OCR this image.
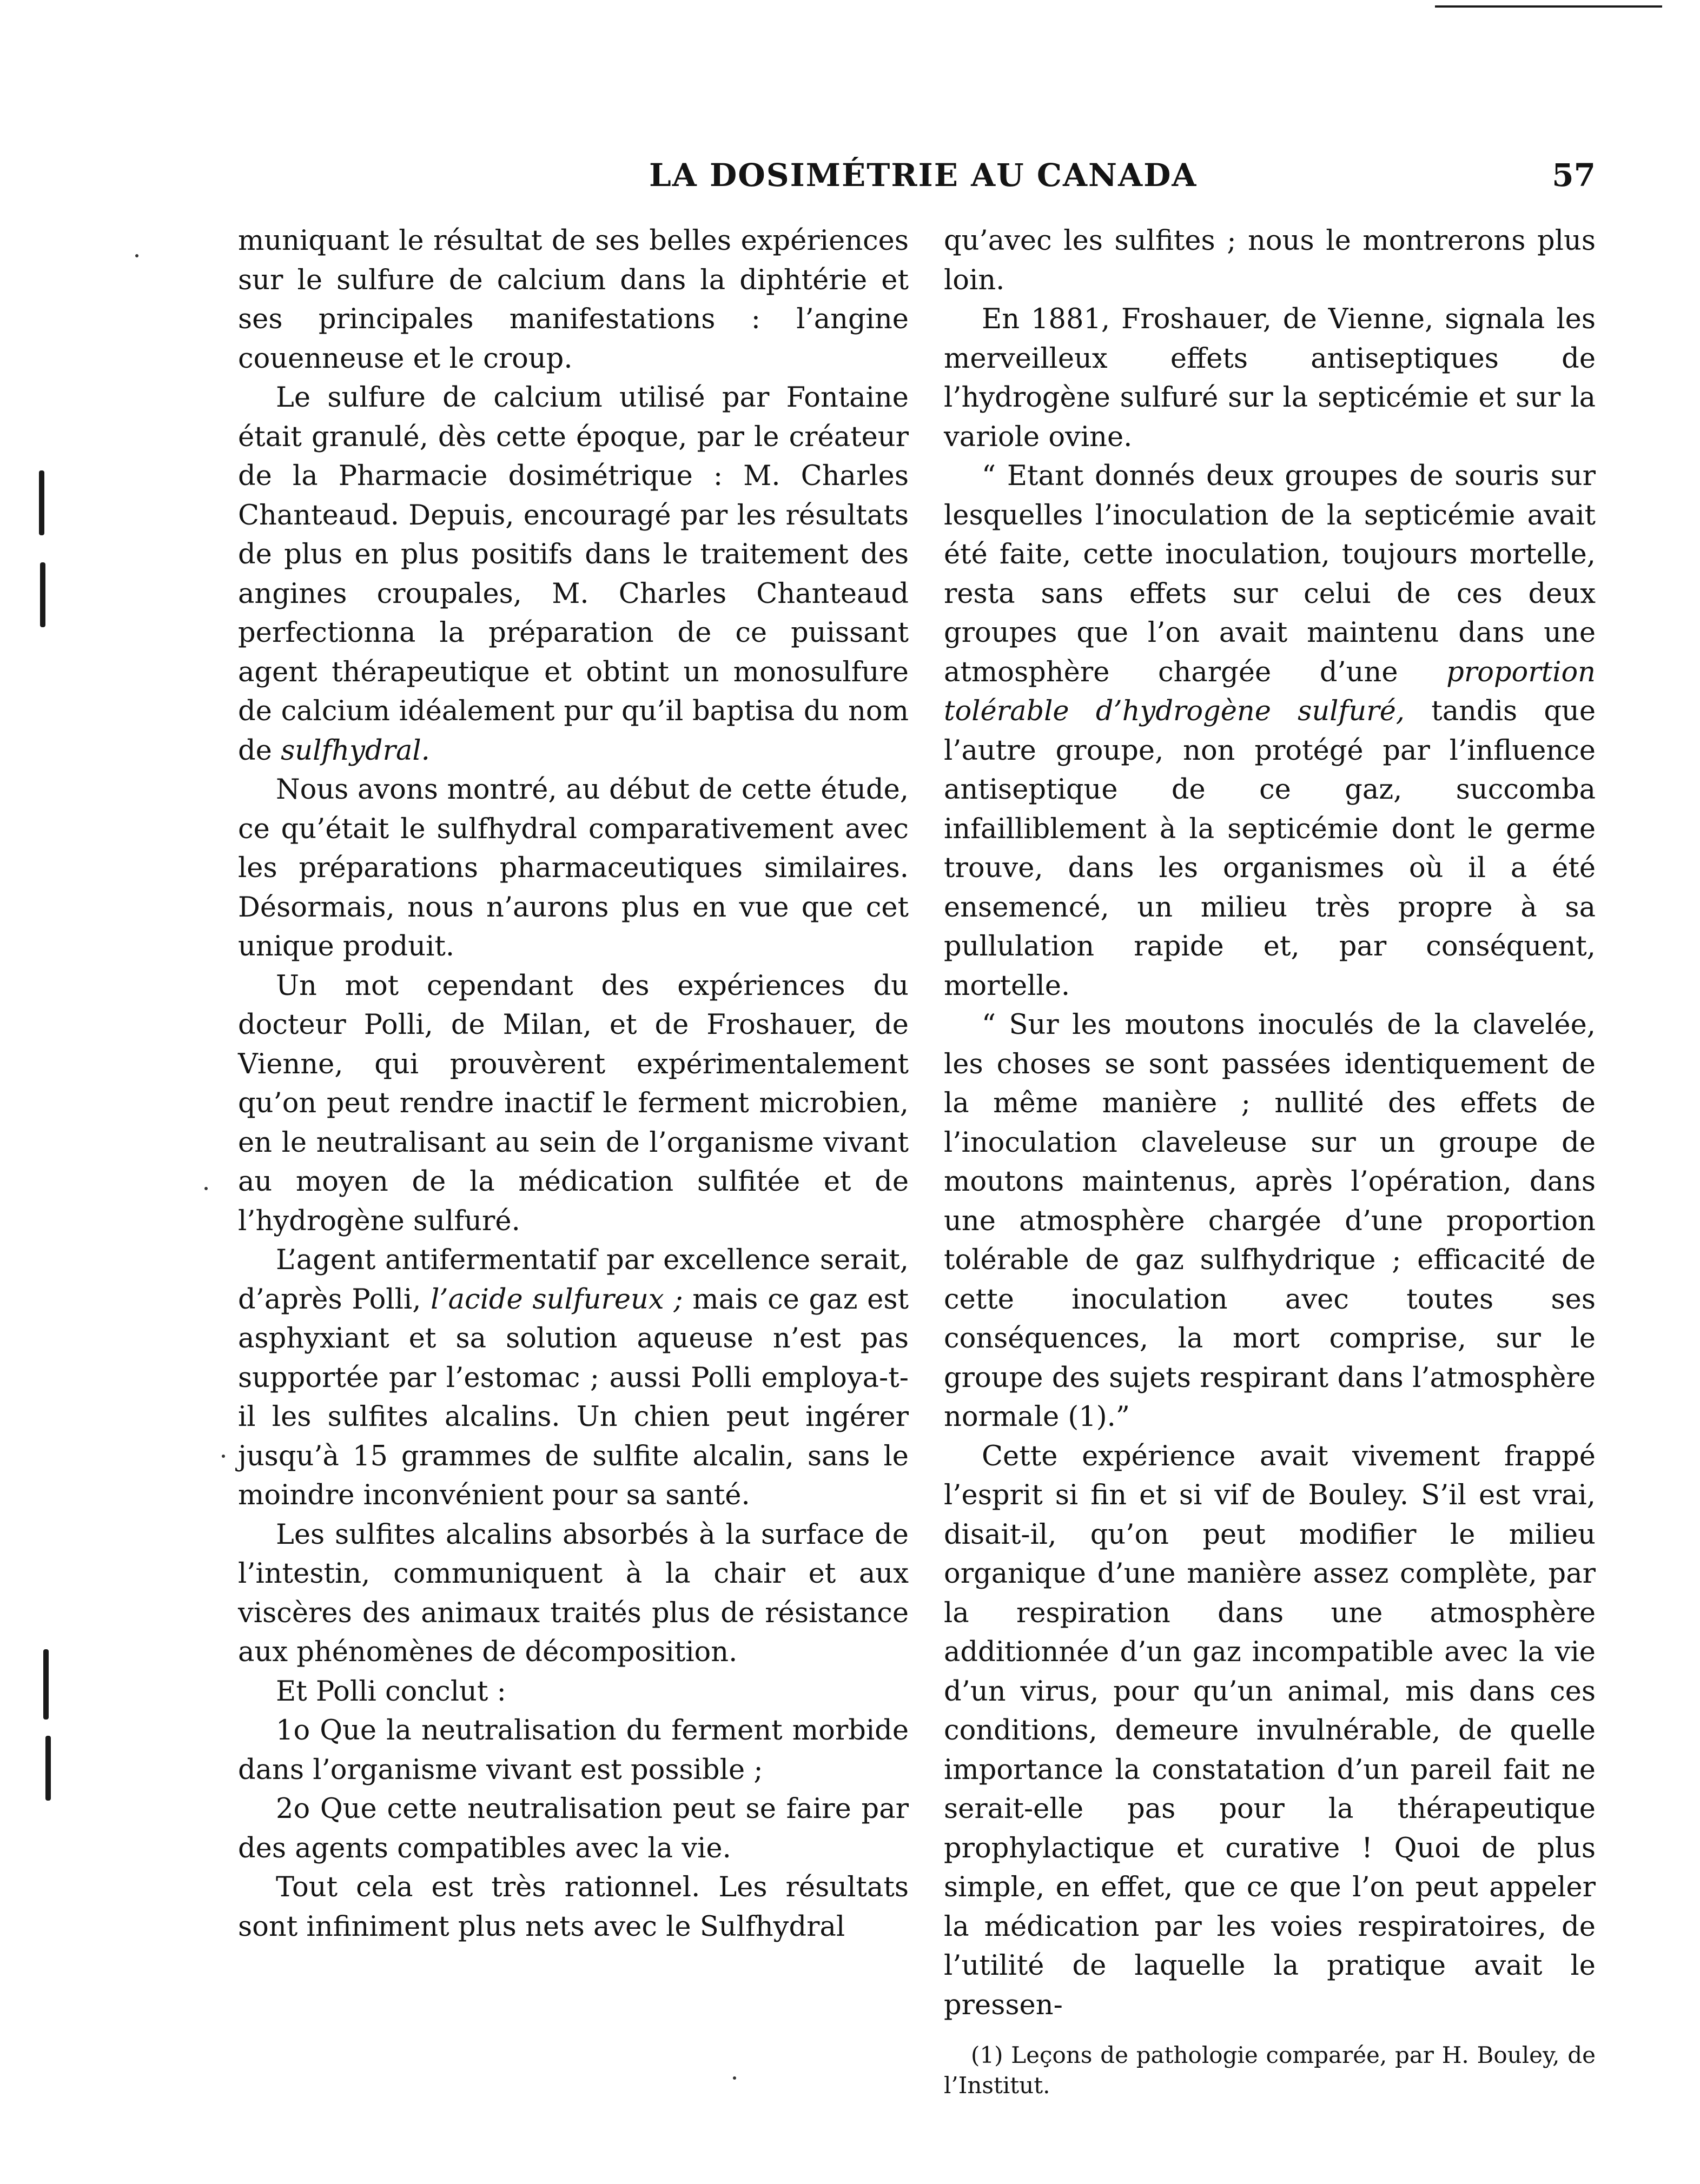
LA DOSIMÉTRIE AU CANADA	57

muniquant le résultat de ses belles expériences sur le sulfure de calcium dans la diphtérie et ses principales manifestations : l’angine couenneuse et le croup.

Le sulfure de calcium utilisé par Fontaine était granulé, dès cette époque, par le créateur de la Pharmacie dosimétrique : M. Charles Chanteaud. Depuis, encouragé par les résultats de plus en plus positifs dans le traitement des angines croupales, M. Charles Chanteaud perfectionna la préparation de ce puissant agent thérapeutique et obtint un monosulfure de calcium idéalement pur qu’il baptisa du nom de sulfhydral.

Nous avons montré, au début de cette étude, ce qu’était le sulfhydral comparativement avec les préparations pharmaceutiques similaires. Désormais, nous n’aurons plus en vue que cet unique produit.

Un mot cependant des expériences du docteur Polli, de Milan, et de Froshauer, de Vienne, qui prouvèrent expérimentalement qu’on peut rendre inactif le ferment microbien, en le neutralisant au sein de l’organisme vivant au moyen de la médication sulfitée et de l’hydrogène sulfuré.

L’agent antifermentatif par excellence serait, d’après Polli, l’acide sulfureux ; mais ce gaz est asphyxiant et sa solution aqueuse n’est pas supportée par l’estomac ; aussi Polli employa-t-il les sulfites alcalins. Un chien peut ingérer jusqu’à 15 grammes de sulfite alcalin, sans le moindre inconvénient pour sa santé.

Les sulfites alcalins absorbés à la surface de l’intestin, communiquent à la chair et aux viscères des animaux traités plus de résistance aux phénomènes de décomposition.

Et Polli conclut :

1o Que la neutralisation du ferment morbide dans l’organisme vivant est possible ;

2o Que cette neutralisation peut se faire par des agents compatibles avec la vie.

Tout cela est très rationnel. Les résultats sont infiniment plus nets avec le Sulfhydral

qu’avec les sulfites ; nous le montrerons plus loin.

En 1881, Froshauer, de Vienne, signala les merveilleux effets antiseptiques de l’hydrogène sulfuré sur la septicémie et sur la variole ovine.

“ Etant donnés deux groupes de souris sur lesquelles l’inoculation de la septicémie avait été faite, cette inoculation, toujours mortelle, resta sans effets sur celui de ces deux groupes que l’on avait maintenu dans une atmosphère chargée d’une proportion tolérable d’hydrogène sulfuré, tandis que l’autre groupe, non protégé par l’influence antiseptique de ce gaz, succomba infailliblement à la septicémie dont le germe trouve, dans les organismes où il a été ensemencé, un milieu très propre à sa pullulation rapide et, par conséquent, mortelle.

“ Sur les moutons inoculés de la clavelée, les choses se sont passées identiquement de la même manière ; nullité des effets de l’inoculation claveleuse sur un groupe de moutons maintenus, après l’opération, dans une atmosphère chargée d’une proportion tolérable de gaz sulfhydrique ; efficacité de cette inoculation avec toutes ses conséquences, la mort comprise, sur le groupe des sujets respirant dans l’atmosphère normale (1).”

Cette expérience avait vivement frappé l’esprit si fin et si vif de Bouley. S’il est vrai, disait-il, qu’on peut modifier le milieu organique d’une manière assez complète, par la respiration dans une atmosphère additionnée d’un gaz incompatible avec la vie d’un virus, pour qu’un animal, mis dans ces conditions, demeure invulnérable, de quelle importance la constatation d’un pareil fait ne serait-elle pas pour la thérapeutique prophylactique et curative ! Quoi de plus simple, en effet, que ce que l’on peut appeler la médication par les voies respiratoires, de l’utilité de laquelle la pratique avait le pressen-

(1) Leçons de pathologie comparée, par H. Bouley, de l’Institut.
